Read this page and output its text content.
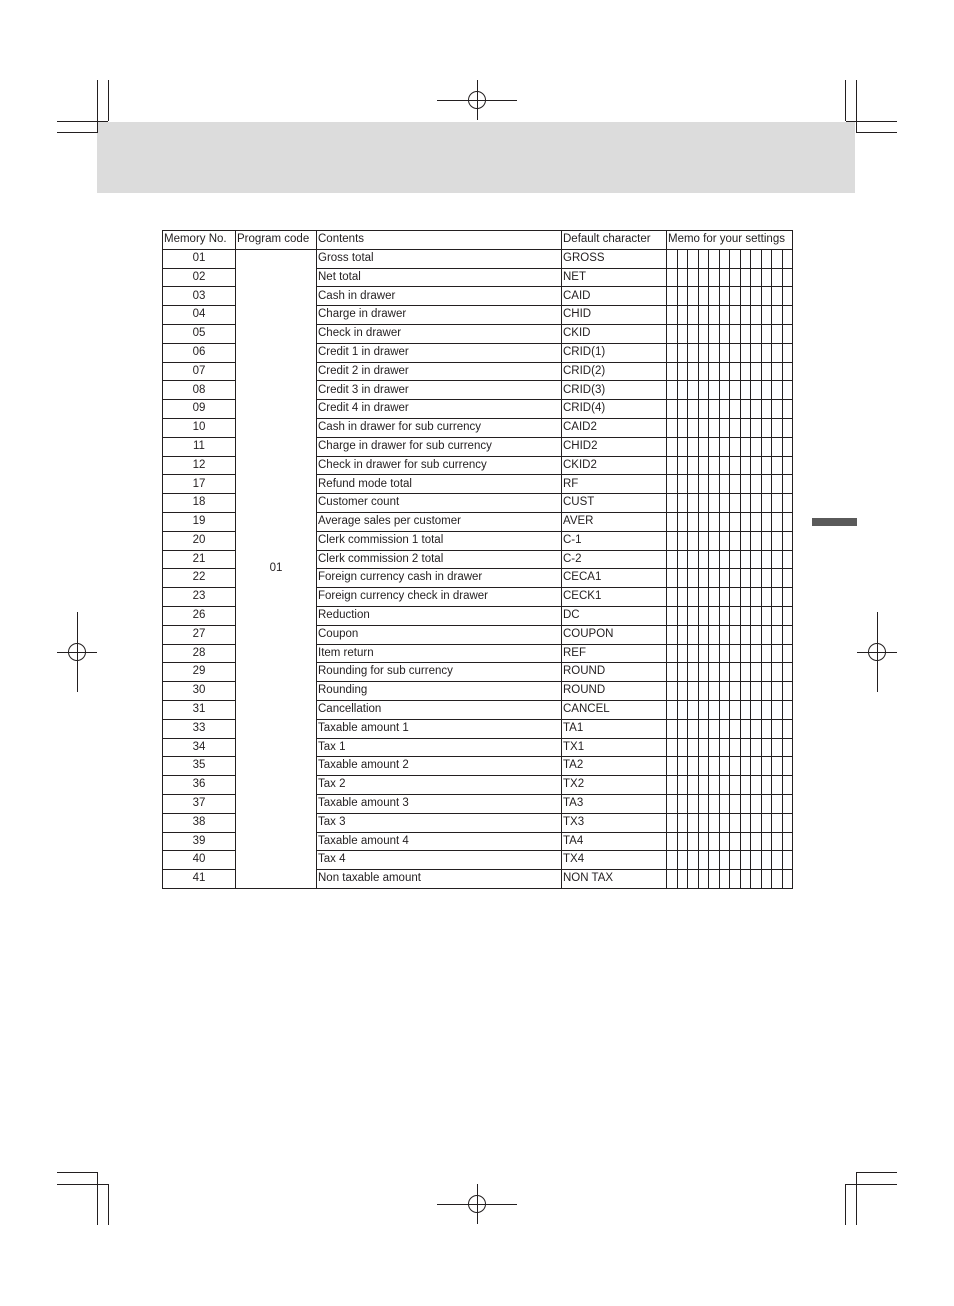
Memory No.	Program code	Contents	Default character	Memo for your settings											
01	01	Gross total	GROSS												
02		Net total	NET												
03		Cash in drawer	CAID												
04		Charge in drawer	CHID												
05		Check in drawer	CKID												
06		Credit 1 in drawer	CRID(1)												
07		Credit 2 in drawer	CRID(2)												
08		Credit 3 in drawer	CRID(3)												
09		Credit 4 in drawer	CRID(4)												
10		Cash in drawer for sub currency	CAID2												
11		Charge in drawer for sub currency	CHID2												
12		Check in drawer for sub currency	CKID2												
17		Refund mode total	RF												
18		Customer count	CUST												
19		Average sales per customer	AVER												
20		Clerk commission 1 total	C-1												
21		Clerk commission 2 total	C-2												
22		Foreign currency cash in drawer	CECA1												
23		Foreign currency check in drawer	CECK1												
26		Reduction	DC												
27		Coupon	COUPON												
28		Item return	REF												
29		Rounding for sub currency	ROUND												
30		Rounding	ROUND												
31		Cancellation	CANCEL												
33		Taxable amount 1	TA1												
34		Tax 1	TX1												
35		Taxable amount 2	TA2												
36		Tax 2	TX2												
37		Taxable amount 3	TA3												
38		Tax 3	TX3												
39		Taxable amount 4	TA4												
40		Tax 4	TX4												
41		Non taxable amount	NON TAX												
